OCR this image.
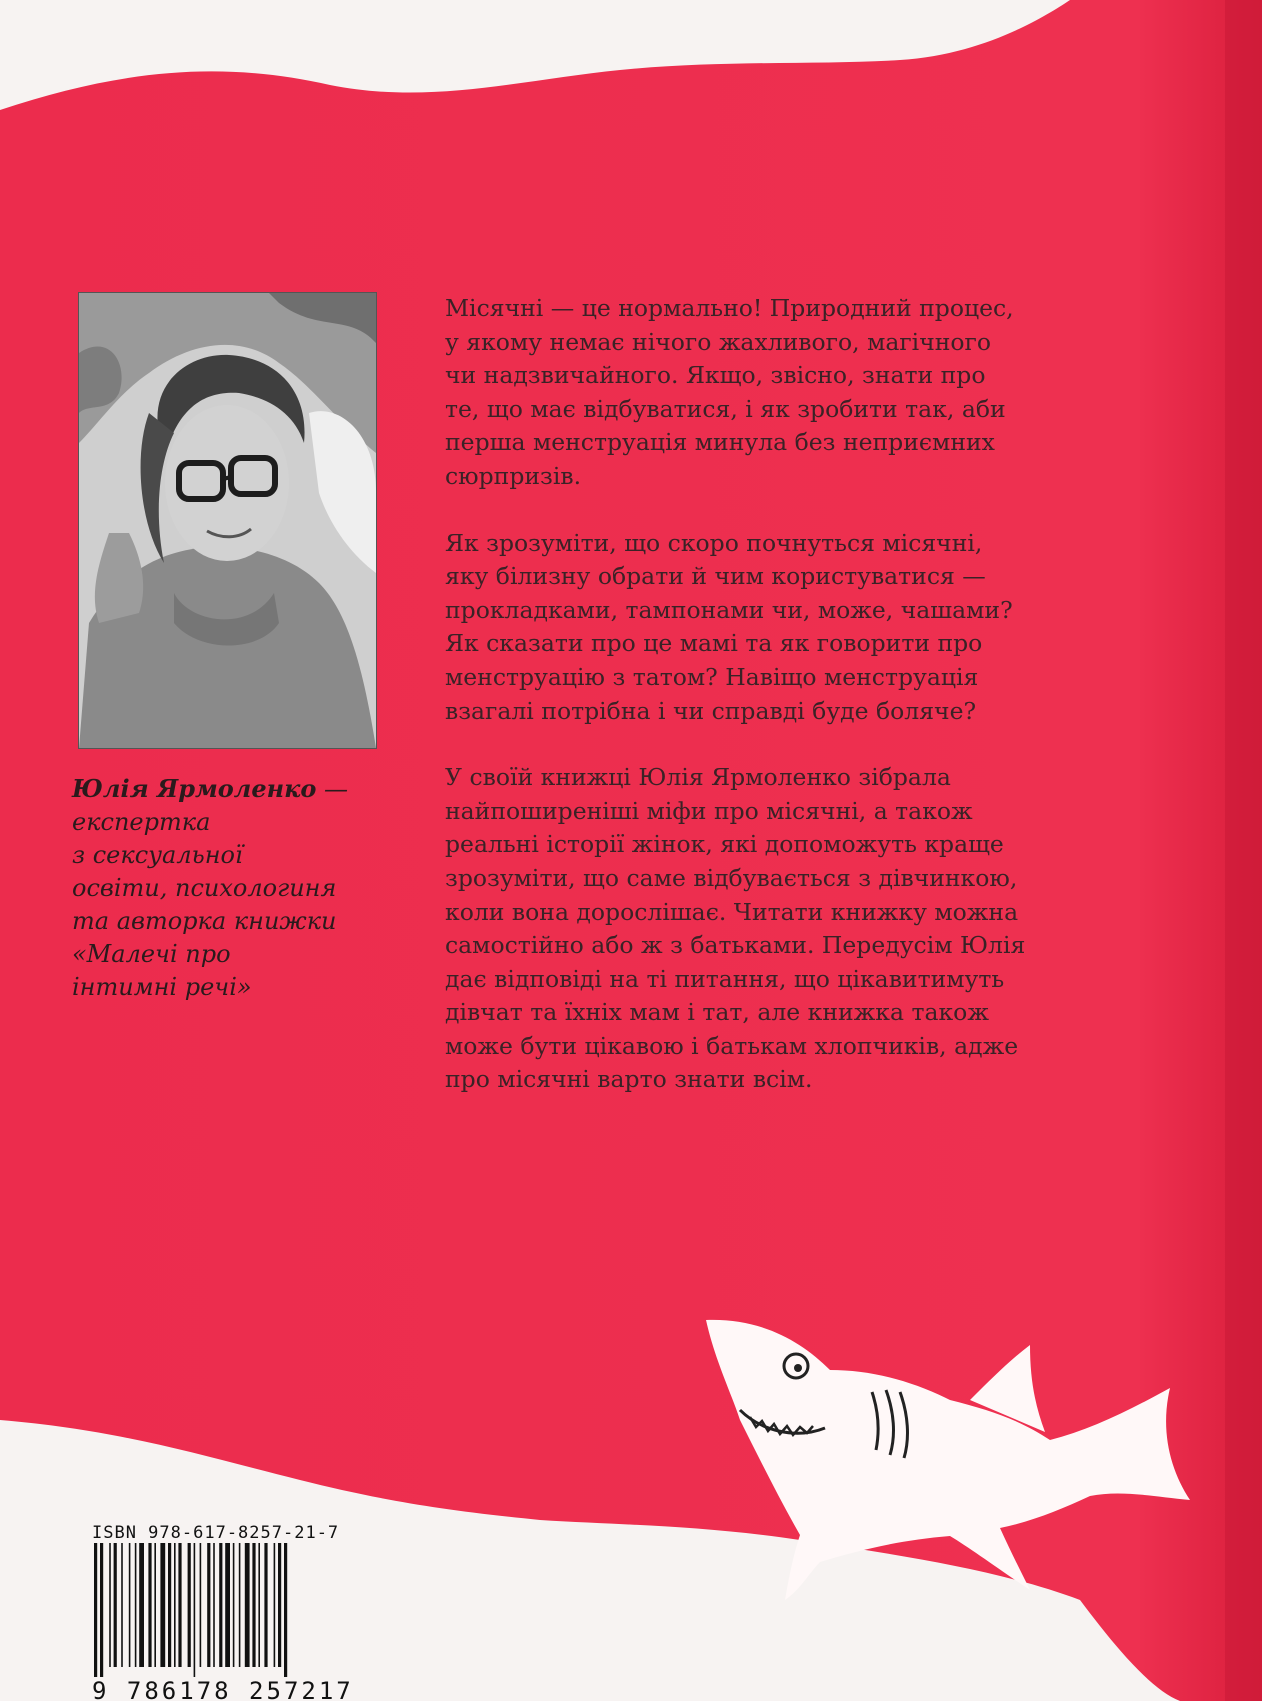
Юлія Ярмоленко —
експертка
з сексуальної
освіти, психологиня
та авторка книжки
«Малечі про
інтимні речі»

Місячні — це нормально! Природний процес,
у якому немає нічого жахливого, магічного
чи надзвичайного. Якщо, звісно, знати про
те, що має відбуватися, і як зробити так, аби
перша менструація минула без неприємних
сюрпризів.

Як зрозуміти, що скоро почнуться місячні,
яку білизну обрати й чим користуватися —
прокладками, тампонами чи, може, чашами?
Як сказати про це мамі та як говорити про
менструацію з татом? Навіщо менструація
взагалі потрібна і чи справді буде боляче?

У своїй книжці Юлія Ярмоленко зібрала
найпоширеніші міфи про місячні, а також
реальні історії жінок, які допоможуть краще
зрозуміти, що саме відбувається з дівчинкою,
коли вона дорослішає. Читати книжку можна
самостійно або ж з батьками. Передусім Юлія
дає відповіді на ті питання, що цікавитимуть
дівчат та їхніх мам і тат, але книжка також
може бути цікавою і батькам хлопчиків, адже
про місячні варто знати всім.

ISBN 978-617-8257-21-7
9 786178 257217
